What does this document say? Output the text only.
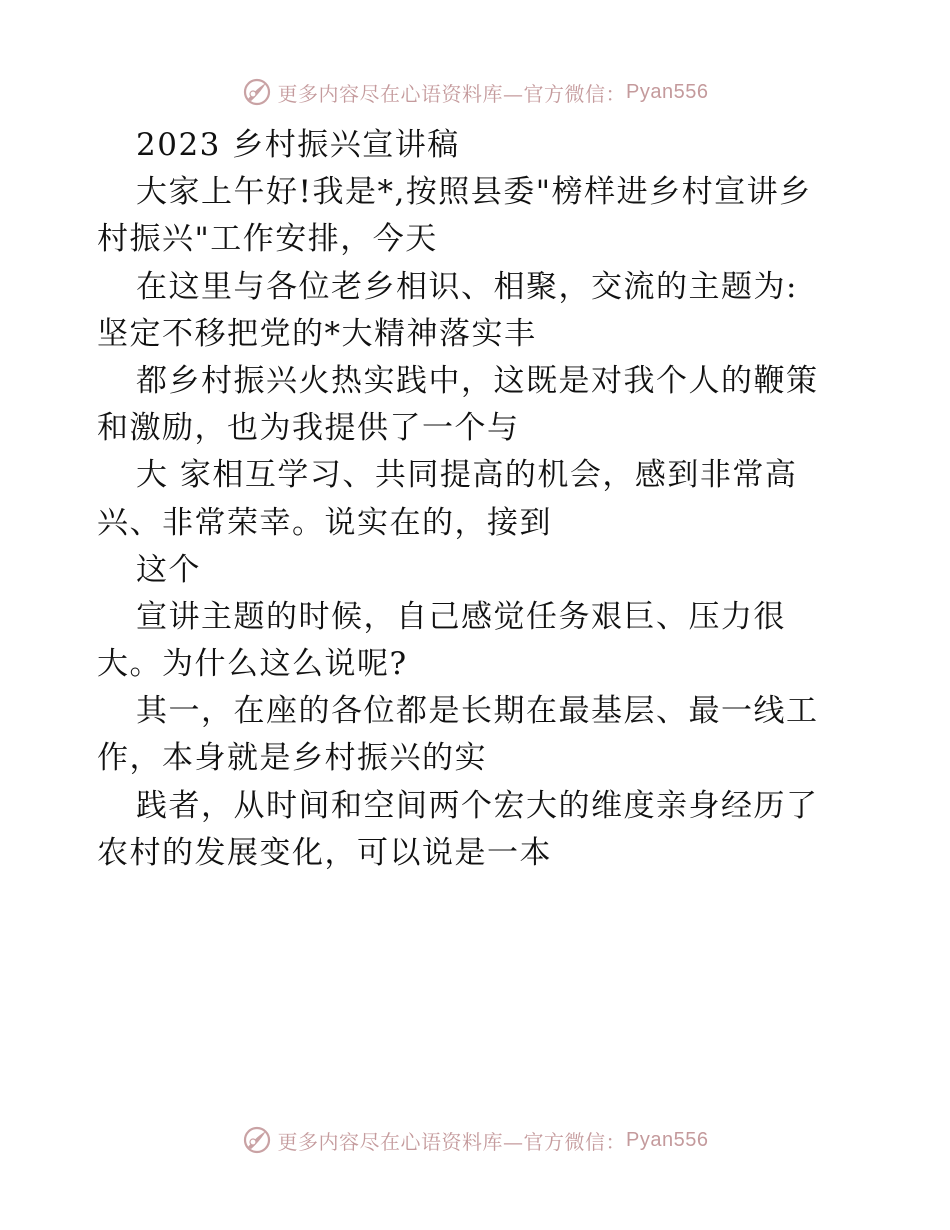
更多内容尽在心语资料库—官方微信： Pyan556
2023 乡村振兴宣讲稿
大家上午好!我是*,按照县委"榜样进乡村宣讲乡
村振兴"工作安排，今天
在这里与各位老乡相识、相聚，交流的主题为:
坚定不移把党的*大精神落实丰
都乡村振兴火热实践中，这既是对我个人的鞭策
和激励，也为我提供了一个与
大 家相互学习、共同提高的机会，感到非常高
兴、非常荣幸。说实在的，接到
这个
宣讲主题的时候，自己感觉任务艰巨、压力很
大。为什么这么说呢?
其一，在座的各位都是长期在最基层、最一线工
作，本身就是乡村振兴的实
践者，从时间和空间两个宏大的维度亲身经历了
农村的发展变化，可以说是一本
更多内容尽在心语资料库—官方微信： Pyan556
